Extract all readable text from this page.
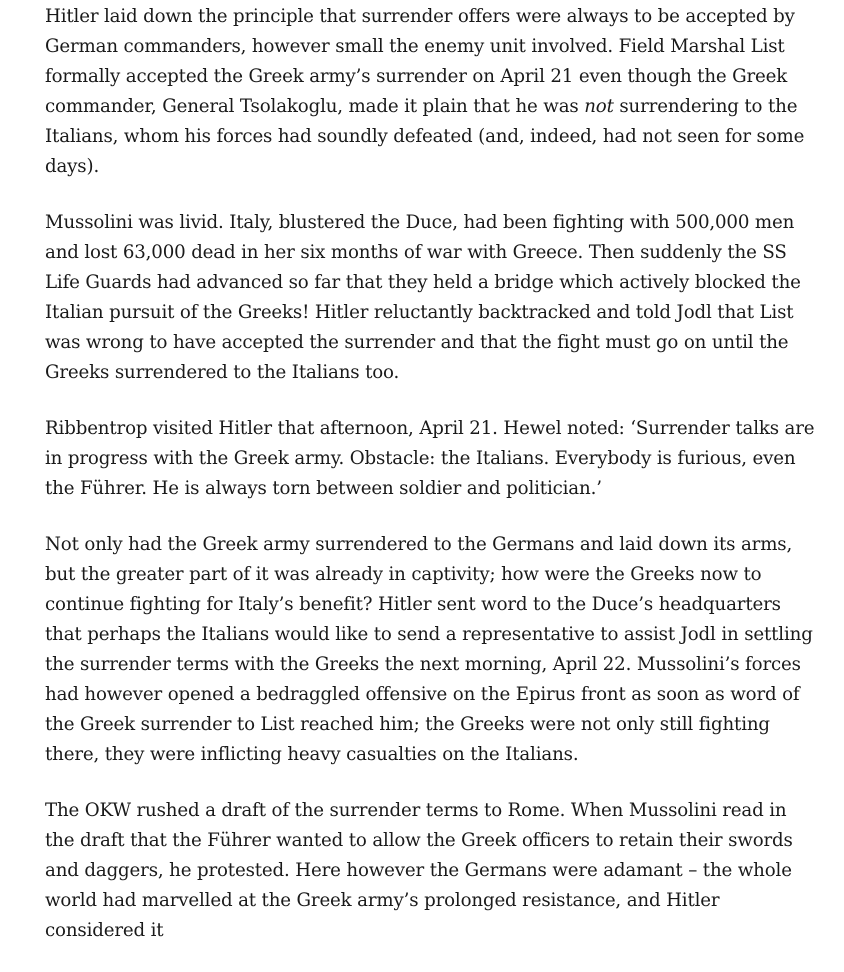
Hitler laid down the principle that surrender offers were always to be accepted by German commanders, however small the enemy unit involved. Field Marshal List formally accepted the Greek army’s surrender on April 21 even though the Greek commander, General Tsolakoglu, made it plain that he was not surrendering to the Italians, whom his forces had soundly defeated (and, indeed, had not seen for some days).

Mussolini was livid. Italy, blustered the Duce, had been fighting with 500,000 men and lost 63,000 dead in her six months of war with Greece. Then suddenly the SS Life Guards had advanced so far that they held a bridge which actively blocked the Italian pursuit of the Greeks! Hitler reluctantly backtracked and told Jodl that List was wrong to have accepted the surrender and that the fight must go on until the Greeks surrendered to the Italians too.

Ribbentrop visited Hitler that afternoon, April 21. Hewel noted: ‘Surrender talks are in progress with the Greek army. Obstacle: the Italians. Everybody is furious, even the Führer. He is always torn between soldier and politician.’

Not only had the Greek army surrendered to the Germans and laid down its arms, but the greater part of it was already in captivity; how were the Greeks now to continue fighting for Italy’s benefit? Hitler sent word to the Duce’s headquarters that perhaps the Italians would like to send a representative to assist Jodl in settling the surrender terms with the Greeks the next morning, April 22. Mussolini’s forces had however opened a bedraggled offensive on the Epirus front as soon as word of the Greek surrender to List reached him; the Greeks were not only still fighting there, they were inflicting heavy casualties on the Italians.

The OKW rushed a draft of the surrender terms to Rome. When Mussolini read in the draft that the Führer wanted to allow the Greek officers to retain their swords and daggers, he protested. Here however the Germans were adamant – the whole world had marvelled at the Greek army’s prolonged resistance, and Hitler considered it
